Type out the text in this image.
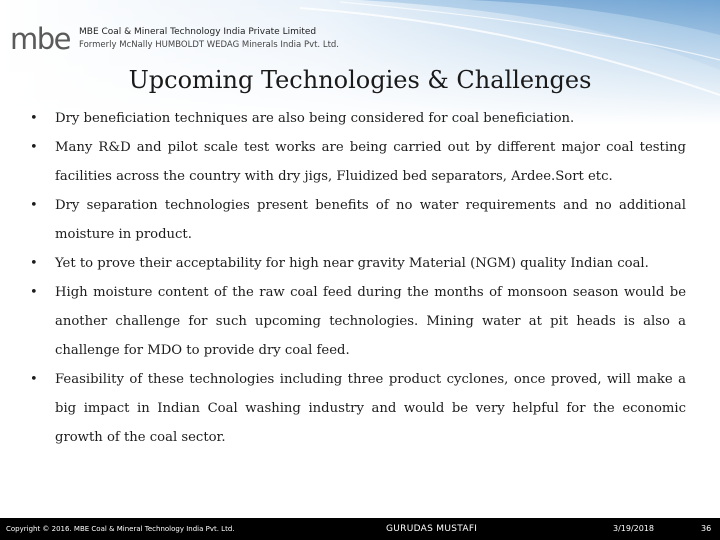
mbe MBE Coal & Mineral Technology India Private Limited
Formerly McNally HUMBOLDT WEDAG Minerals India Pvt. Ltd.
Upcoming Technologies & Challenges
• Dry beneficiation techniques are also being considered for coal beneficiation.
• Many R&D and pilot scale test works are being carried out by different major coal testing facilities across the country with dry jigs, Fluidized bed separators, Ardee.Sort etc.
• Dry separation technologies present benefits of no water requirements and no additional moisture in product.
• Yet to prove their acceptability for high near gravity Material (NGM) quality Indian coal.
• High moisture content of the raw coal feed during the months of monsoon season would be another challenge for such upcoming technologies. Mining water at pit heads is also a challenge for MDO to provide dry coal feed.
• Feasibility of these technologies including three product cyclones, once proved, will make a big impact in Indian Coal washing industry and would be very helpful for the economic growth of the coal sector.
Copyright © 2016. MBE Coal & Mineral Technology India Pvt. Ltd.	GURUDAS MUSTAFI	3/19/2018	36
